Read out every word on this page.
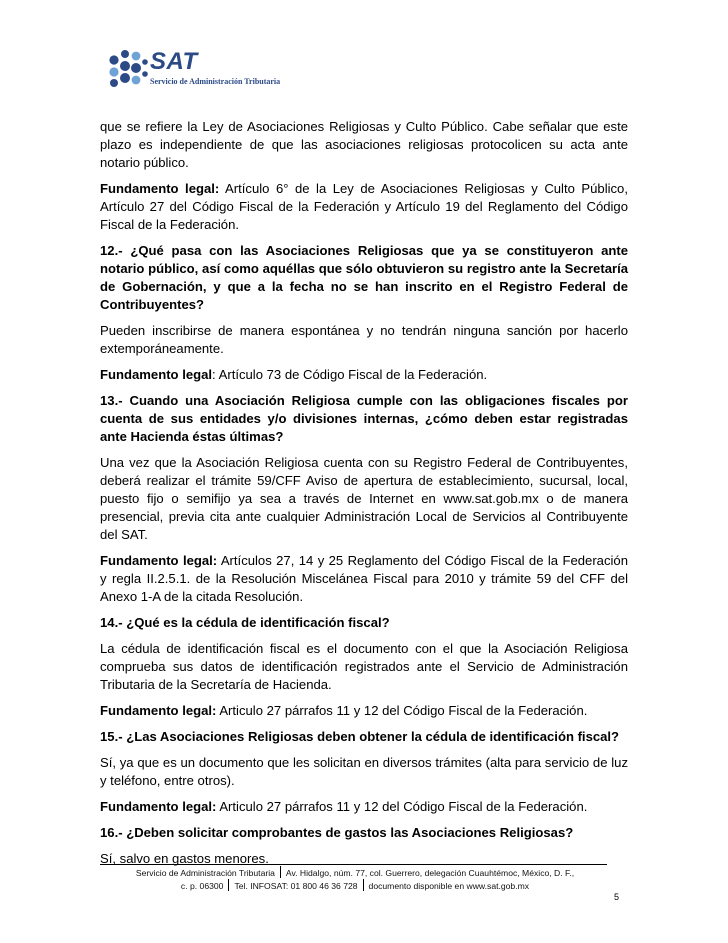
SAT
Servicio de Administración Tributaria

que se refiere la Ley de Asociaciones Religiosas y Culto Público. Cabe señalar que este plazo es independiente de que las asociaciones religiosas protocolicen su acta ante notario público.

Fundamento legal: Artículo 6° de la Ley de Asociaciones Religiosas y Culto Público, Artículo 27 del Código Fiscal de la Federación y Artículo 19 del Reglamento del Código Fiscal de la Federación.

12.- ¿Qué pasa con las Asociaciones Religiosas que ya se constituyeron ante notario público, así como aquéllas que sólo obtuvieron su registro ante la Secretaría de Gobernación, y que a la fecha no se han inscrito en el Registro Federal de Contribuyentes?

Pueden inscribirse de manera espontánea y no tendrán ninguna sanción por hacerlo extemporáneamente.

Fundamento legal: Artículo 73 de Código Fiscal de la Federación.

13.- Cuando una Asociación Religiosa cumple con las obligaciones fiscales por cuenta de sus entidades y/o divisiones internas, ¿cómo deben estar registradas ante Hacienda éstas últimas?

Una vez que la Asociación Religiosa cuenta con su Registro Federal de Contribuyentes, deberá realizar el trámite 59/CFF Aviso de apertura de establecimiento, sucursal, local, puesto fijo o semifijo ya sea a través de Internet en www.sat.gob.mx o de manera presencial, previa cita ante cualquier Administración Local de Servicios al Contribuyente del SAT.

Fundamento legal: Artículos 27, 14 y 25 Reglamento del Código Fiscal de la Federación y regla II.2.5.1. de la Resolución Miscelánea Fiscal para 2010 y trámite 59 del CFF del Anexo 1-A de la citada Resolución.

14.- ¿Qué es la cédula de identificación fiscal?

La cédula de identificación fiscal es el documento con el que la Asociación Religiosa comprueba sus datos de identificación registrados ante el Servicio de Administración Tributaria de la Secretaría de Hacienda.

Fundamento legal: Articulo 27 párrafos 11 y 12 del Código Fiscal de la Federación.

15.- ¿Las Asociaciones Religiosas deben obtener la cédula de identificación fiscal?

Sí, ya que es un documento que les solicitan en diversos trámites (alta para servicio de luz y teléfono, entre otros).

Fundamento legal: Articulo 27 párrafos 11 y 12 del Código Fiscal de la Federación.

16.- ¿Deben solicitar comprobantes de gastos las Asociaciones Religiosas?

Sí, salvo en gastos menores.

Servicio de Administración Tributaria Av. Hidalgo, núm. 77, col. Guerrero, delegación Cuauhtémoc, México, D. F.,
c. p. 06300 Tel. INFOSAT: 01 800 46 36 728 documento disponible en www.sat.gob.mx
5
